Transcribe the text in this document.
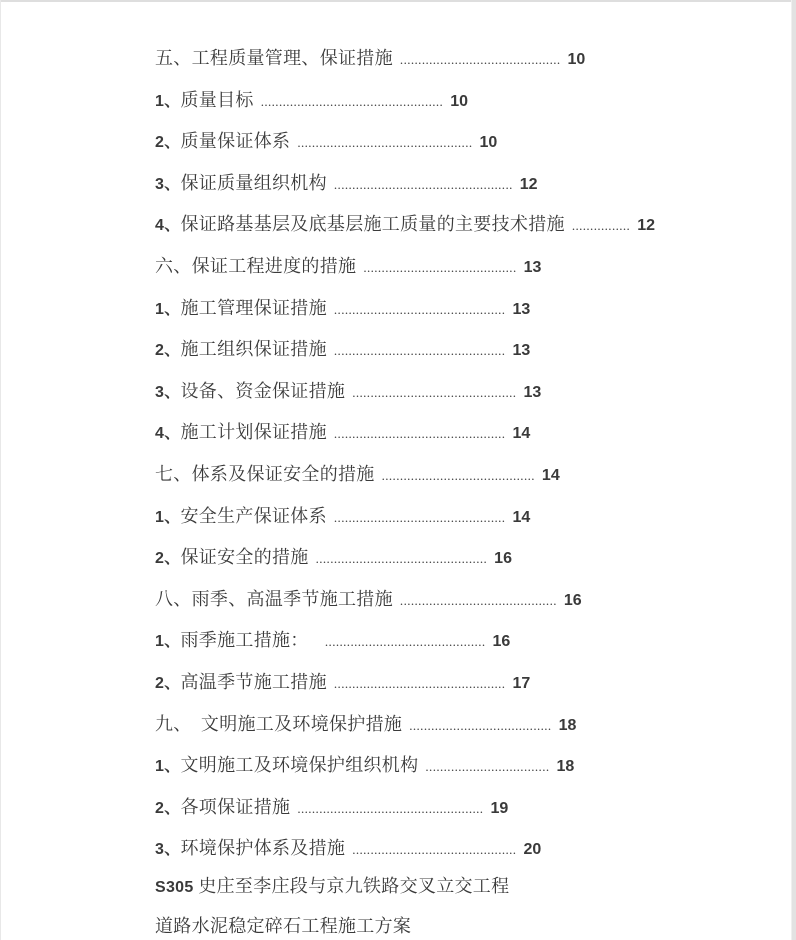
五、工程质量管理、保证措施 ............................................ 10
1、质量目标 .................................................. 10
2、质量保证体系 ................................................ 10
3、保证质量组织机构 ................................................. 12
4、保证路基基层及底基层施工质量的主要技术措施 ................ 12
六、保证工程进度的措施 .......................................... 13
1、施工管理保证措施 ............................................... 13
2、施工组织保证措施 ............................................... 13
3、设备、资金保证措施 ............................................. 13
4、施工计划保证措施 ............................................... 14
七、体系及保证安全的措施 .......................................... 14
1、安全生产保证体系 ............................................... 14
2、保证安全的措施 ............................................... 16
八、雨季、高温季节施工措施 ........................................... 16
1、雨季施工措施：　............................................ 16
2、高温季节施工措施 ............................................... 17
九、　文明施工及环境保护措施 ....................................... 18
1、文明施工及环境保护组织机构 .................................. 18
2、各项保证措施 ................................................... 19
3、环境保护体系及措施 ............................................. 20
S305 史庄至李庄段与京九铁路交叉立交工程
道路水泥稳定碎石工程施工方案
